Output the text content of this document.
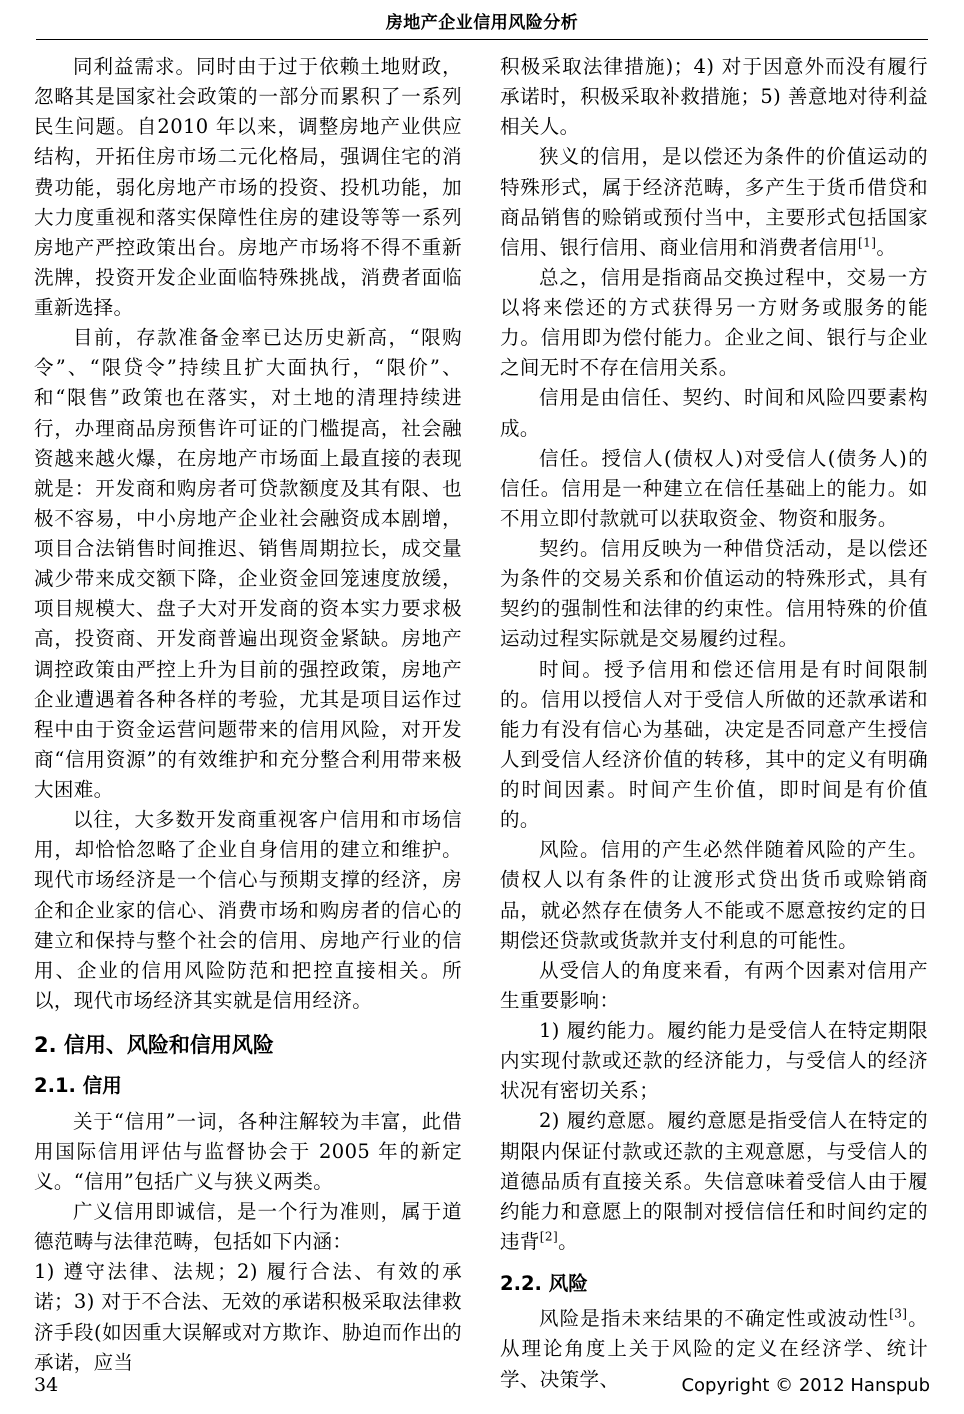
房地产企业信用风险分析

同利益需求。同时由于过于依赖土地财政，忽略其是国家社会政策的一部分而累积了一系列民生问题。自2010 年以来，调整房地产业供应结构，开拓住房市场二元化格局，强调住宅的消费功能，弱化房地产市场的投资、投机功能，加大力度重视和落实保障性住房的建设等等一系列房地产严控政策出台。房地产市场将不得不重新洗牌，投资开发企业面临特殊挑战，消费者面临重新选择。

目前，存款准备金率已达历史新高，“限购令”、“限贷令”持续且扩大面执行，“限价”、和“限售”政策也在落实，对土地的清理持续进行，办理商品房预售许可证的门槛提高，社会融资越来越火爆，在房地产市场面上最直接的表现就是：开发商和购房者可贷款额度及其有限、也极不容易，中小房地产企业社会融资成本剧增，项目合法销售时间推迟、销售周期拉长，成交量减少带来成交额下降，企业资金回笼速度放缓，项目规模大、盘子大对开发商的资本实力要求极高，投资商、开发商普遍出现资金紧缺。房地产调控政策由严控上升为目前的强控政策，房地产企业遭遇着各种各样的考验，尤其是项目运作过程中由于资金运营问题带来的信用风险，对开发商“信用资源”的有效维护和充分整合利用带来极大困难。

以往，大多数开发商重视客户信用和市场信用，却恰恰忽略了企业自身信用的建立和维护。现代市场经济是一个信心与预期支撑的经济，房企和企业家的信心、消费市场和购房者的信心的建立和保持与整个社会的信用、房地产行业的信用、企业的信用风险防范和把控直接相关。所以，现代市场经济其实就是信用经济。

2. 信用、风险和信用风险
2.1. 信用

关于“信用”一词，各种注解较为丰富，此借用国际信用评估与监督协会于 2005 年的新定义。“信用”包括广义与狭义两类。

广义信用即诚信，是一个行为准则，属于道德范畴与法律范畴，包括如下内涵：

1) 遵守法律、法规；2) 履行合法、有效的承诺；3) 对于不合法、无效的承诺积极采取法律救济手段(如因重大误解或对方欺诈、胁迫而作出的承诺，应当

积极采取法律措施)；4) 对于因意外而没有履行承诺时，积极采取补救措施；5) 善意地对待利益相关人。

狭义的信用，是以偿还为条件的价值运动的特殊形式，属于经济范畴，多产生于货币借贷和商品销售的赊销或预付当中，主要形式包括国家信用、银行信用、商业信用和消费者信用[1]。

总之，信用是指商品交换过程中，交易一方以将来偿还的方式获得另一方财务或服务的能力。信用即为偿付能力。企业之间、银行与企业之间无时不存在信用关系。

信用是由信任、契约、时间和风险四要素构成。

信任。授信人(债权人)对受信人(债务人)的信任。信用是一种建立在信任基础上的能力。如不用立即付款就可以获取资金、物资和服务。

契约。信用反映为一种借贷活动，是以偿还为条件的交易关系和价值运动的特殊形式，具有契约的强制性和法律的约束性。信用特殊的价值运动过程实际就是交易履约过程。

时间。授予信用和偿还信用是有时间限制的。信用以授信人对于受信人所做的还款承诺和能力有没有信心为基础，决定是否同意产生授信人到受信人经济价值的转移，其中的定义有明确的时间因素。时间产生价值，即时间是有价值的。

风险。信用的产生必然伴随着风险的产生。债权人以有条件的让渡形式贷出货币或赊销商品，就必然存在债务人不能或不愿意按约定的日期偿还贷款或货款并支付利息的可能性。

从受信人的角度来看，有两个因素对信用产生重要影响：

1) 履约能力。履约能力是受信人在特定期限内实现付款或还款的经济能力，与受信人的经济状况有密切关系；

2) 履约意愿。履约意愿是指受信人在特定的期限内保证付款或还款的主观意愿，与受信人的道德品质有直接关系。失信意味着受信人由于履约能力和意愿上的限制对授信信任和时间约定的违背[2]。

2.2. 风险

风险是指未来结果的不确定性或波动性[3]。从理论角度上关于风险的定义在经济学、统计学、决策学、

34	Copyright © 2012 Hanspub
